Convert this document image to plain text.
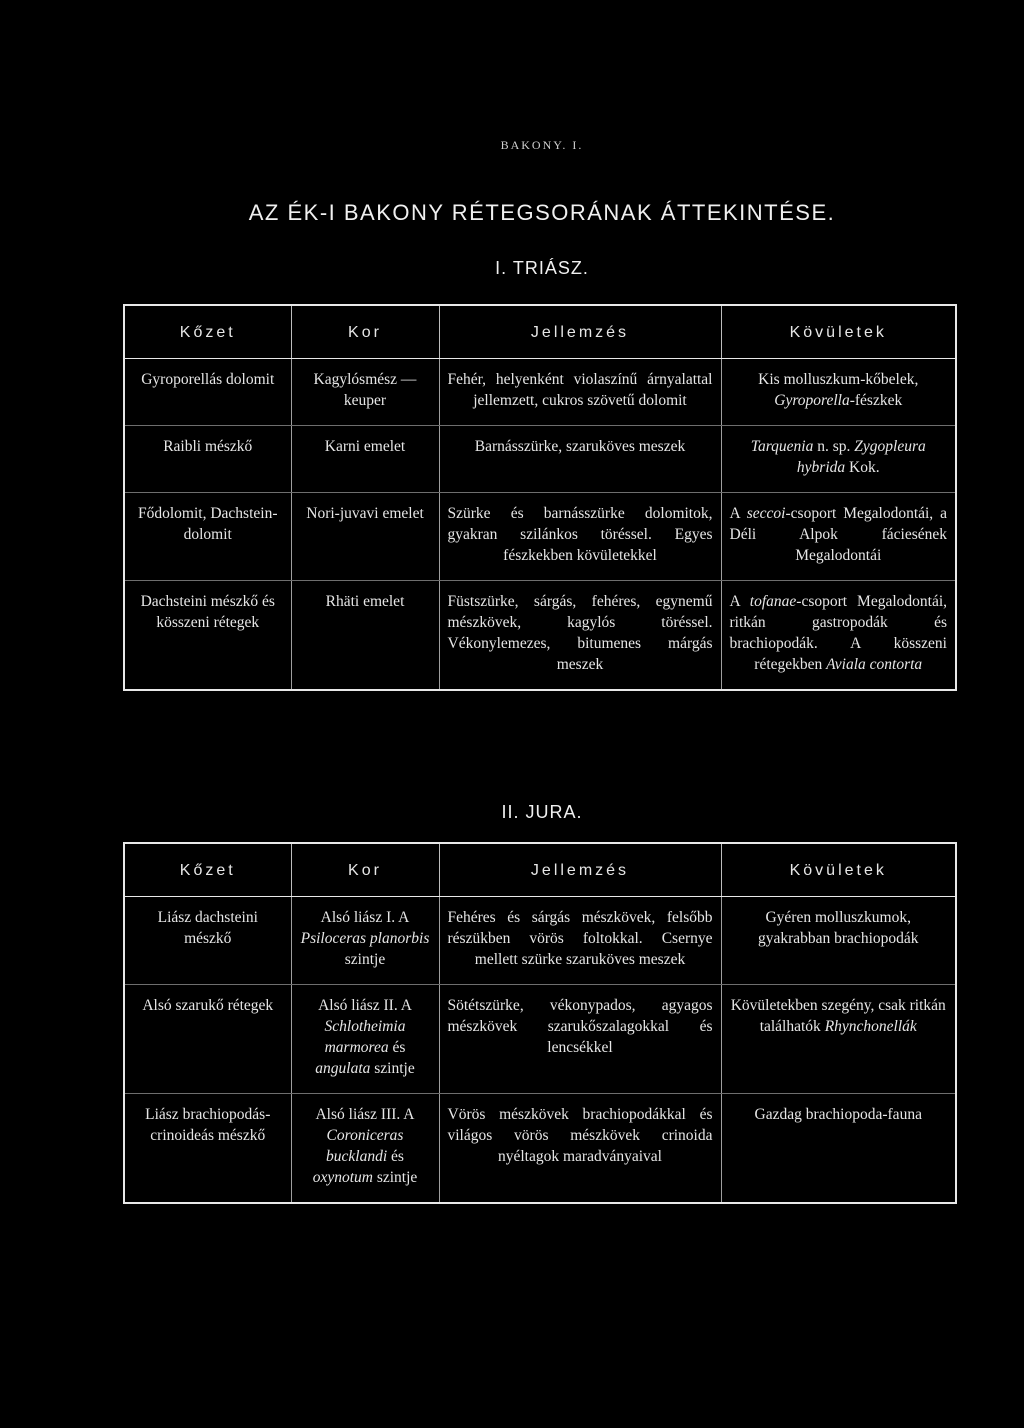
BAKONY. I.
AZ ÉK-I BAKONY RÉTEGSORÁNAK ÁTTEKINTÉSE.
I. TRIÁSZ.
Kőzet	Kor	Jellemzés	Kövületek
Gyroporellás dolomit	Kagylósmész — keuper	Fehér, helyenként violaszínű árnyalattal jellemzett, cukros szövetű dolomit	Kis molluszkum-kőbelek, Gyroporella-fészkek
Raibli mészkő	Karni emelet	Barnásszürke, szaruköves meszek	Tarquenia n. sp. Zygopleura hybrida Kok.
Fődolomit, Dachstein-dolomit	Nori-juvavi emelet	Szürke és barnásszürke dolomitok, gyakran szilánkos töréssel. Egyes fészkekben kövületekkel	A seccoi-csoport Megalodontái, a Déli Alpok fáciesének Megalodontái
Dachsteini mészkő és kösszeni rétegek	Rhäti emelet	Füstszürke, sárgás, fehéres, egynemű mészkövek, kagylós töréssel. Vékonylemezes, bitumenes márgás meszek	A tofanae-csoport Megalodontái, ritkán gastropodák és brachiopodák. A kösszeni rétegekben Aviala contorta
II. JURA.
Kőzet	Kor	Jellemzés	Kövületek
Liász dachsteini mészkő	Alsó liász I. A Psiloceras planorbis szintje	Fehéres és sárgás mészkövek, felsőbb részükben vörös foltokkal. Csernye mellett szürke szaruköves meszek	Gyéren molluszkumok, gyakrabban brachiopodák
Alsó szarukő rétegek	Alsó liász II. A Schlotheimia marmorea és angulata szintje	Sötétszürke, vékonypados, agyagos mészkövek szarukőszalagokkal és lencsékkel	Kövületekben szegény, csak ritkán találhatók Rhynchonellák
Liász brachiopodás-crinoideás mészkő	Alsó liász III. A Coroniceras bucklandi és oxynotum szintje	Vörös mészkövek brachiopodákkal és világos vörös mészkövek crinoida nyéltagok maradványaival	Gazdag brachiopoda-fauna
